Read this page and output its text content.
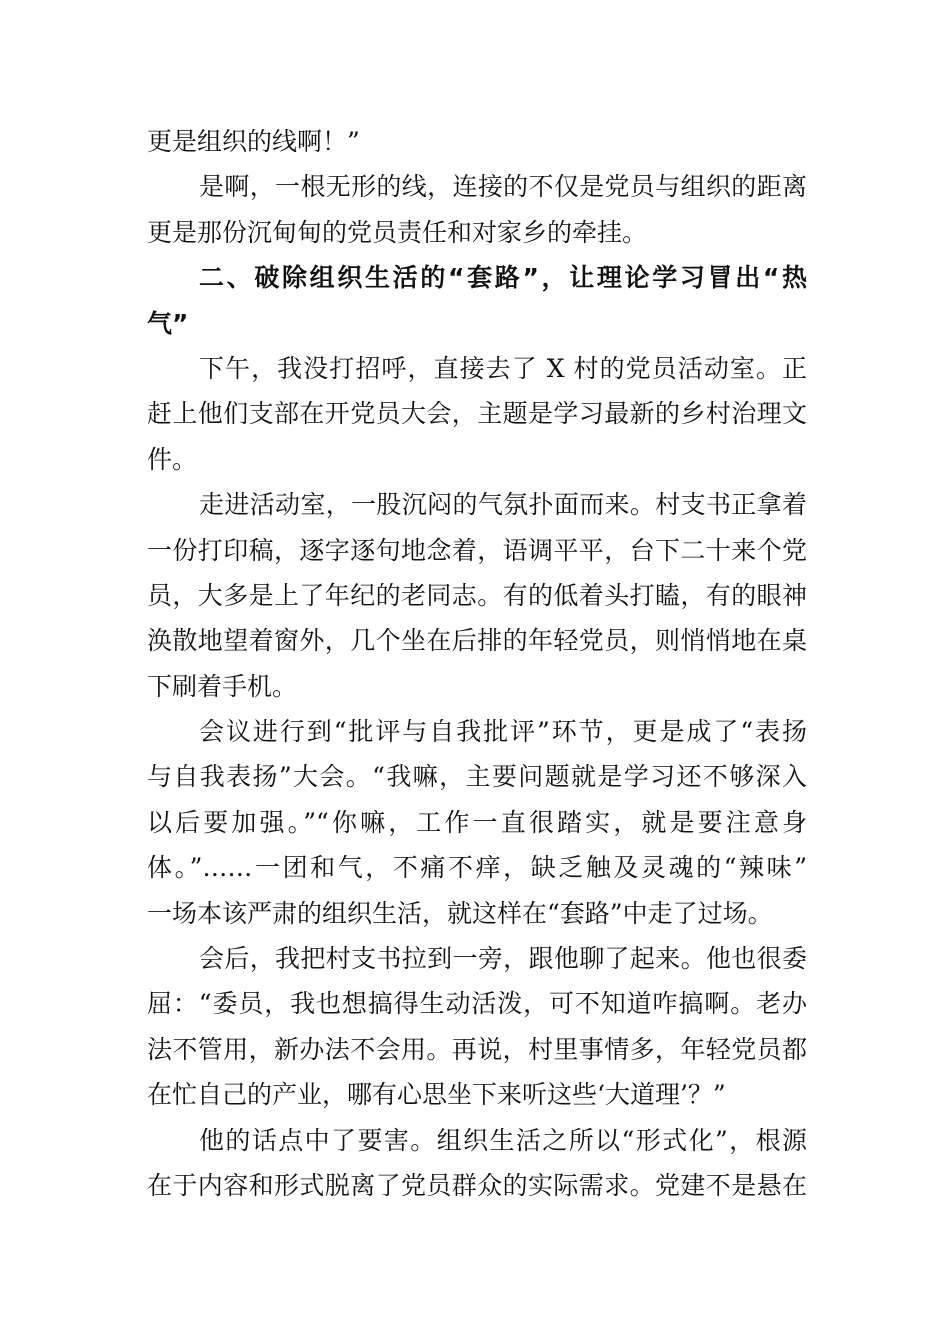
更是组织的线啊！”
是啊，一根无形的线，连接的不仅是党员与组织的距离
更是那份沉甸甸的党员责任和对家乡的牵挂。
二、破除组织生活的“套路”，让理论学习冒出“热
气”
下午，我没打招呼，直接去了 X 村的党员活动室。正
赶上他们支部在开党员大会，主题是学习最新的乡村治理文
件。
走进活动室，一股沉闷的气氛扑面而来。村支书正拿着
一份打印稿，逐字逐句地念着，语调平平，台下二十来个党
员，大多是上了年纪的老同志。有的低着头打瞌，有的眼神
涣散地望着窗外，几个坐在后排的年轻党员，则悄悄地在桌
下刷着手机。
会议进行到“批评与自我批评”环节，更是成了“表扬
与自我表扬”大会。“我嘛，主要问题就是学习还不够深入
以后要加强。”“你嘛，工作一直很踏实，就是要注意身
体。”……一团和气，不痛不痒，缺乏触及灵魂的“辣味”
一场本该严肃的组织生活，就这样在“套路”中走了过场。
会后，我把村支书拉到一旁，跟他聊了起来。他也很委
屈：“委员，我也想搞得生动活泼，可不知道咋搞啊。老办
法不管用，新办法不会用。再说，村里事情多，年轻党员都
在忙自己的产业，哪有心思坐下来听这些‘大道理’？”
他的话点中了要害。组织生活之所以“形式化”，根源
在于内容和形式脱离了党员群众的实际需求。党建不是悬在
